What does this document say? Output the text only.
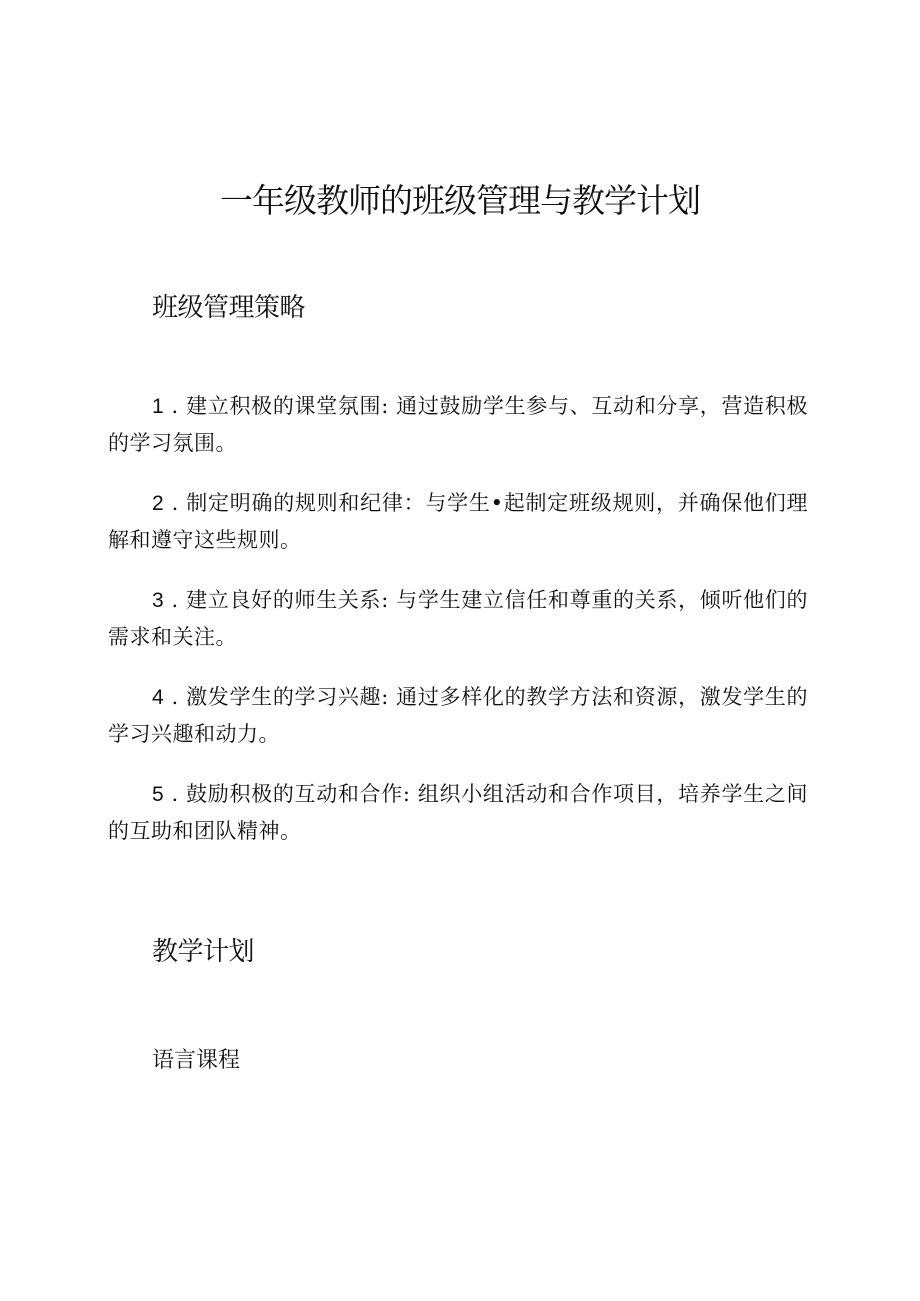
一年级教师的班级管理与教学计划
班级管理策略
1 . 建立积极的课堂氛围: 通过鼓励学生参与、互动和分享，营造积极的学习氛围。
2 . 制定明确的规则和纪律：与学生•起制定班级规则，并确保他们理解和遵守这些规则。
3 . 建立良好的师生关系: 与学生建立信任和尊重的关系，倾听他们的需求和关注。
4 . 激发学生的学习兴趣: 通过多样化的教学方法和资源，激发学生的学习兴趣和动力。
5 . 鼓励积极的互动和合作: 组织小组活动和合作项目，培养学生之间的互助和团队精神。
教学计划
语言课程
